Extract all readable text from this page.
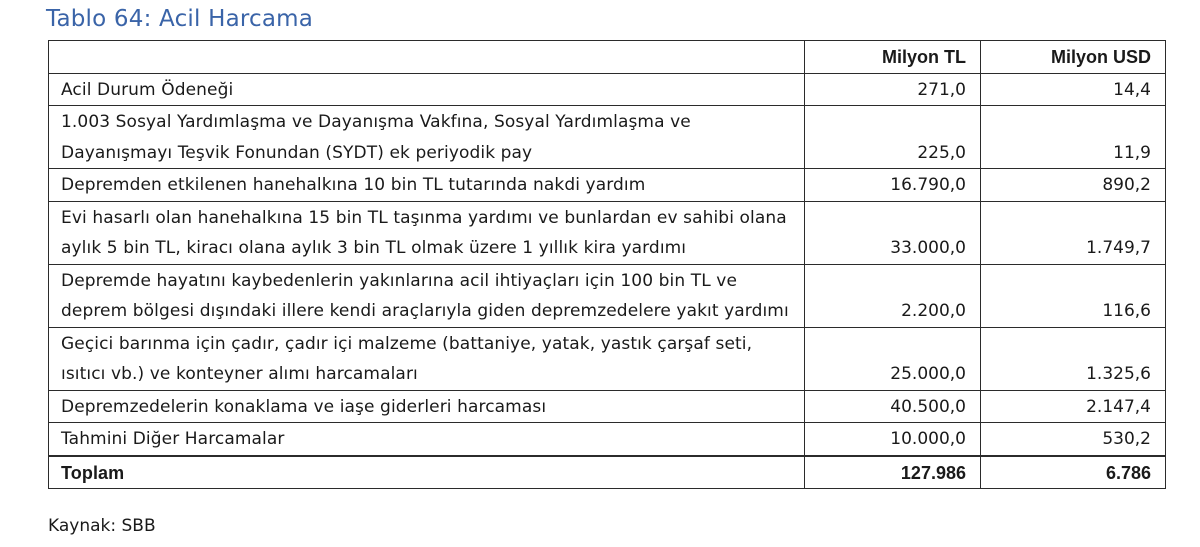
Tablo 64: Acil Harcama
	Milyon TL	Milyon USD
Acil Durum Ödeneği	271,0	14,4
1.003 Sosyal Yardımlaşma ve Dayanışma Vakfına, Sosyal Yardımlaşma ve Dayanışmayı Teşvik Fonundan (SYDT) ek periyodik pay	225,0	11,9
Depremden etkilenen hanehalkına 10 bin TL tutarında nakdi yardım	16.790,0	890,2
Evi hasarlı olan hanehalkına 15 bin TL taşınma yardımı ve bunlardan ev sahibi olana aylık 5 bin TL, kiracı olana aylık 3 bin TL olmak üzere 1 yıllık kira yardımı	33.000,0	1.749,7
Depremde hayatını kaybedenlerin yakınlarına acil ihtiyaçları için 100 bin TL ve deprem bölgesi dışındaki illere kendi araçlarıyla giden depremzedelere yakıt yardımı	2.200,0	116,6
Geçici barınma için çadır, çadır içi malzeme (battaniye, yatak, yastık çarşaf seti, ısıtıcı vb.) ve konteyner alımı harcamaları	25.000,0	1.325,6
Depremzedelerin konaklama ve iaşe giderleri harcaması	40.500,0	2.147,4
Tahmini Diğer Harcamalar	10.000,0	530,2
Toplam	127.986	6.786
Kaynak: SBB
